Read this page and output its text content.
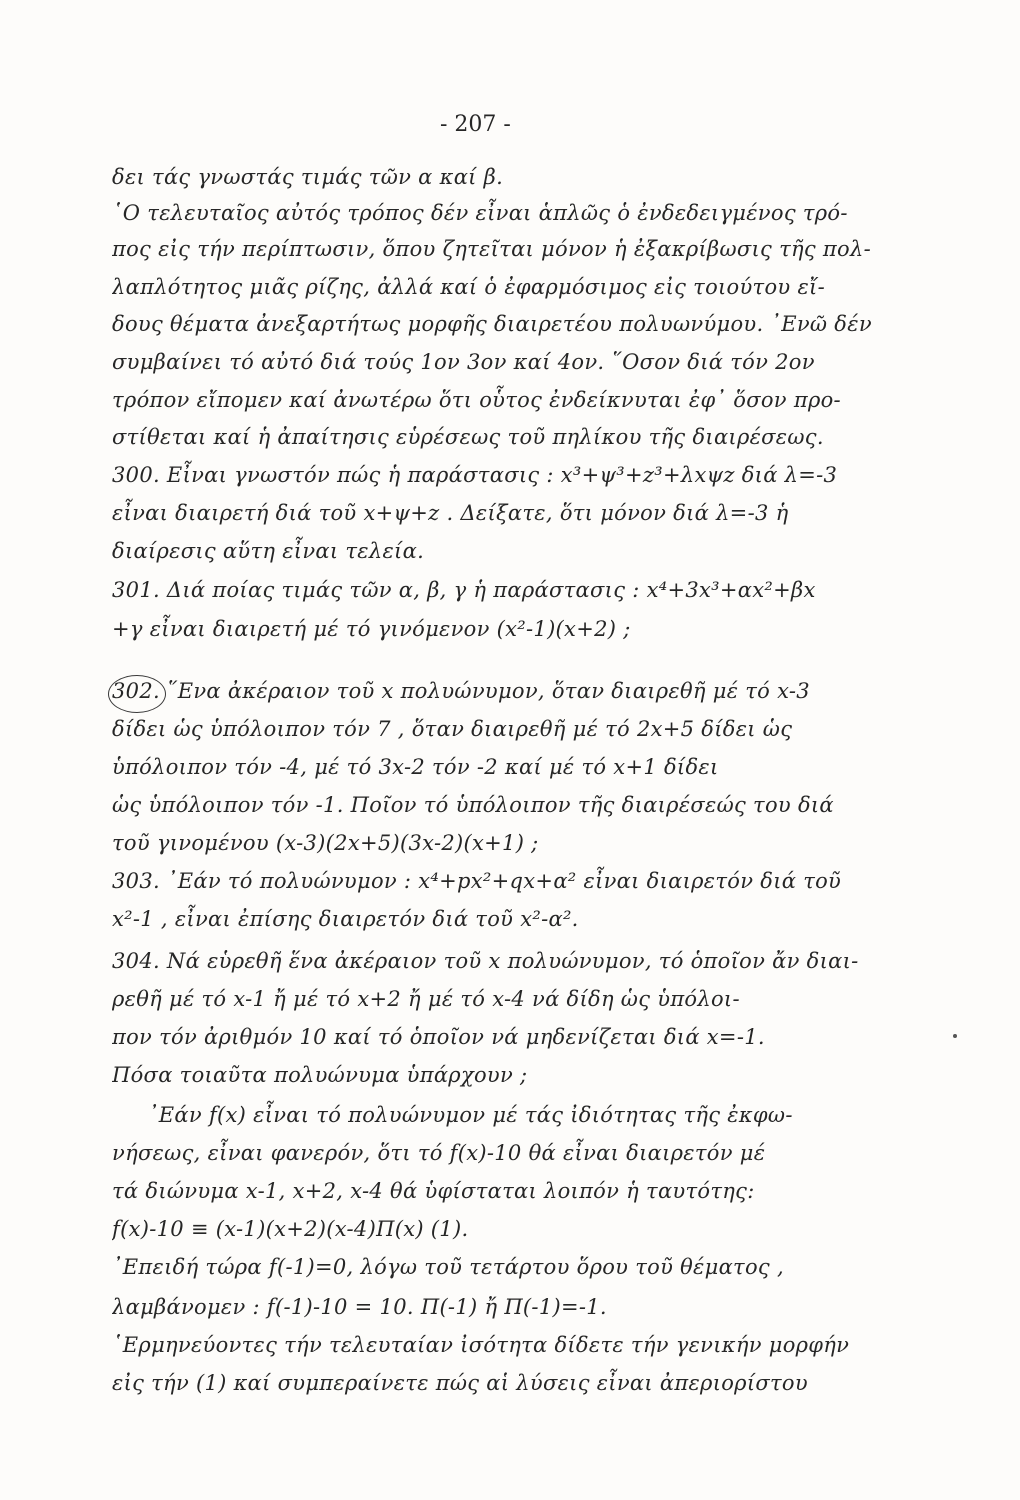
- 207 -

δει τάς γνωστάς τιμάς τῶν α καί β.

῾Ο τελευταῖος αὐτός τρόπος δέν εἶναι ἁπλῶς ὁ ἐνδεδειγμένος τρό-

πος εἰς τήν περίπτωσιν, ὅπου ζητεῖται μόνον ἡ ἐξακρίβωσις τῆς πολ-

λαπλότητος μιᾶς ρίζης, ἀλλά καί ὁ ἐφαρμόσιμος εἰς τοιούτου εἴ-

δους θέματα ἀνεξαρτήτως μορφῆς διαιρετέου πολυωνύμου. ᾿Ενῶ δέν

συμβαίνει τό αὐτό διά τούς 1ον 3ον καί 4ον. ῞Οσον διά τόν 2ον

τρόπον εἴπομεν καί ἀνωτέρω ὅτι οὗτος ἐνδείκνυται ἐφ᾿ ὅσον προ-

στίθεται καί ἡ ἀπαίτησις εὑρέσεως τοῦ πηλίκου τῆς διαιρέσεως.

300. Εἶναι γνωστόν πώς ἡ παράστασις : x³+ψ³+z³+λxψz διά λ=-3

εἶναι διαιρετή διά τοῦ x+ψ+z . Δείξατε, ὅτι μόνον διά λ=-3 ἡ

διαίρεσις αὕτη εἶναι τελεία.

301. Διά ποίας τιμάς τῶν α, β, γ ἡ παράστασις : x⁴+3x³+αx²+βx

+γ εἶναι διαιρετή μέ τό γινόμενον (x²-1)(x+2) ;

302. ῞Ενα ἀκέραιον τοῦ x πολυώνυμον, ὅταν διαιρεθῆ μέ τό x-3

δίδει ὡς ὑπόλοιπον τόν 7 , ὅταν διαιρεθῆ μέ τό 2x+5 δίδει ὡς

ὑπόλοιπον τόν -4, μέ τό 3x-2 τόν -2 καί μέ τό x+1 δίδει

ὡς ὑπόλοιπον τόν -1. Ποῖον τό ὑπόλοιπον τῆς διαιρέσεώς του διά

τοῦ γινομένου (x-3)(2x+5)(3x-2)(x+1) ;

303. ᾿Εάν τό πολυώνυμον : x⁴+px²+qx+α² εἶναι διαιρετόν διά τοῦ

x²-1 , εἶναι ἐπίσης διαιρετόν διά τοῦ x²-α².

304. Νά εὑρεθῆ ἕνα ἀκέραιον τοῦ x πολυώνυμον, τό ὁποῖον ἄν διαι-

ρεθῆ μέ τό x-1 ἤ μέ τό x+2 ἤ μέ τό x-4 νά δίδη ὡς ὑπόλοι-

πον τόν ἀριθμόν 10 καί τό ὁποῖον νά μηδενίζεται διά x=-1.

Πόσα τοιαῦτα πολυώνυμα ὑπάρχουν ;

᾿Εάν f(x) εἶναι τό πολυώνυμον μέ τάς ἰδιότητας τῆς ἐκφω-

νήσεως, εἶναι φανερόν, ὅτι τό f(x)-10 θά εἶναι διαιρετόν μέ

τά διώνυμα x-1, x+2, x-4 θά ὑφίσταται λοιπόν ἡ ταυτότης:

f(x)-10 ≡ (x-1)(x+2)(x-4)Π(x) (1).

᾿Επειδή τώρα f(-1)=0, λόγω τοῦ τετάρτου ὅρου τοῦ θέματος ,

λαμβάνομεν : f(-1)-10 = 10. Π(-1) ἤ Π(-1)=-1.

῾Ερμηνεύοντες τήν τελευταίαν ἰσότητα δίδετε τήν γενικήν μορφήν

εἰς τήν (1) καί συμπεραίνετε πώς αἱ λύσεις εἶναι ἀπεριορίστου
